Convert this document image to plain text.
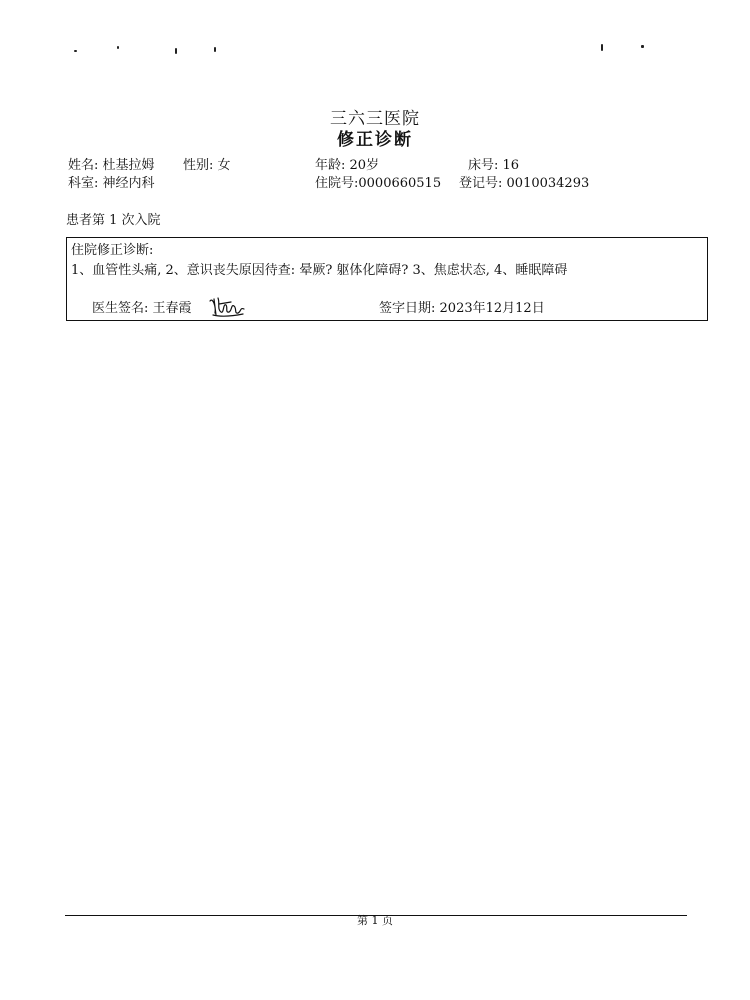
三六三医院
修正诊断
姓名: 杜基拉姆 性别: 女	年龄: 20岁	床号: 16
科室: 神经内科	住院号:0000660515 登记号: 0010034293
患者第 1 次入院
住院修正诊断:
1、血管性头痛, 2、意识丧失原因待查: 晕厥? 躯体化障碍? 3、焦虑状态, 4、睡眠障碍
医生签名: 王春霞	签字日期: 2023年12月12日
第 1 页
